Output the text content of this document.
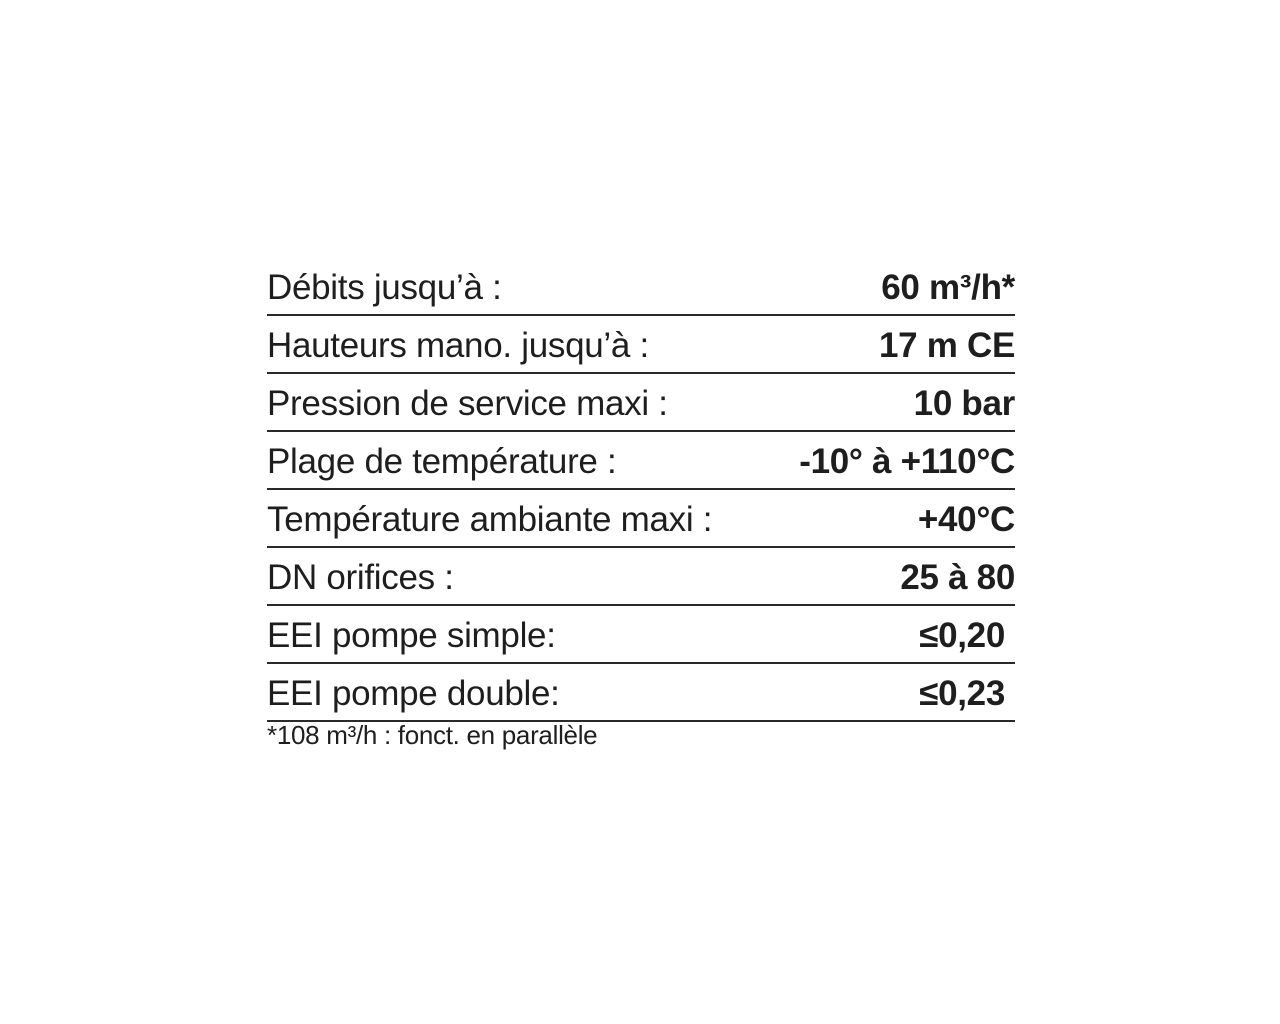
Débits jusqu’à :	60 m³/h*
Hauteurs mano. jusqu’à :	17 m CE
Pression de service maxi :	10 bar
Plage de température :	-10° à +110°C
Température ambiante maxi :	+40°C
DN orifices :	25 à 80
EEI pompe simple:	≤0,20
EEI pompe double:	≤0,23
*108 m³/h : fonct. en parallèle
